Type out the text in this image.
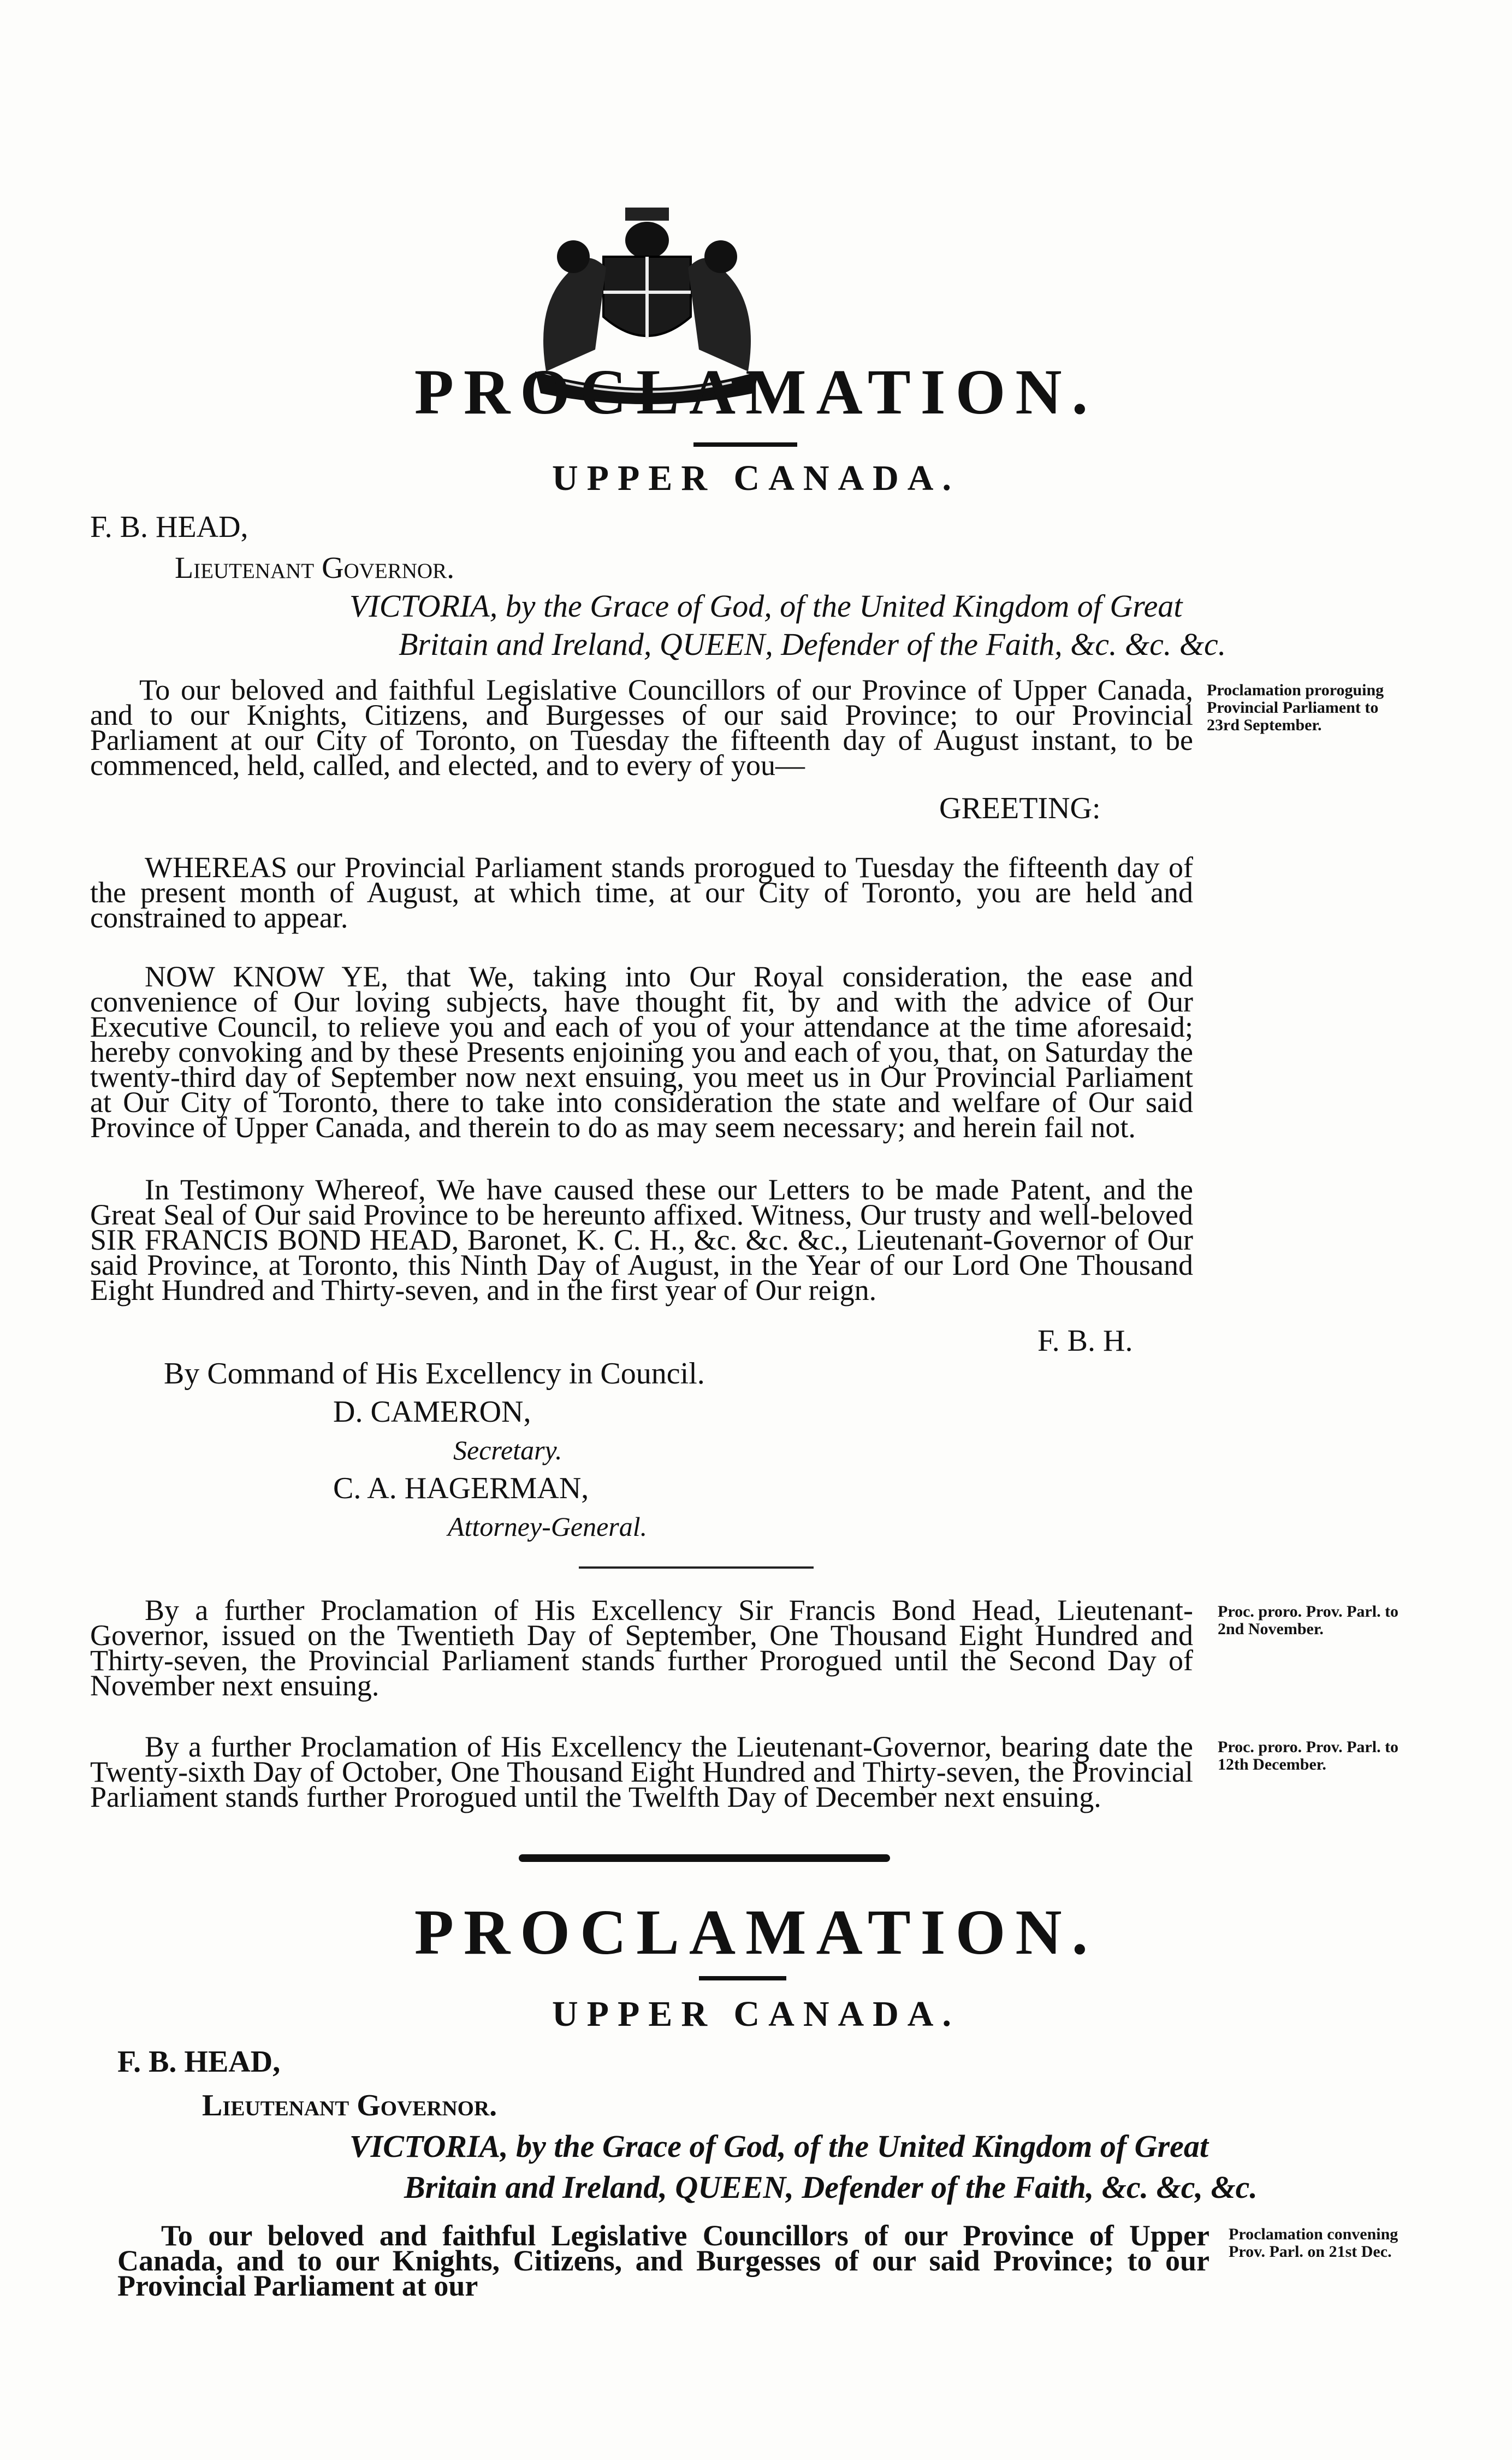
PROCLAMATION.
UPPER CANADA.
F. B. HEAD,
Lieutenant Governor.
VICTORIA, by the Grace of God, of the United Kingdom of Great
Britain and Ireland, QUEEN, Defender of the Faith, &c. &c. &c.

To our beloved and faithful Legislative Councillors of our Province of Upper Canada, and to our Knights, Citizens, and Burgesses of our said Province; to our Provincial Parliament at our City of Toronto, on Tuesday the fifteenth day of August instant, to be commenced, held, called, and elected, and to every of you—

GREETING:
Proclamation proroguing Provincial Parliament to 23rd September.

WHEREAS our Provincial Parliament stands prorogued to Tuesday the fifteenth day of the present month of August, at which time, at our City of Toronto, you are held and constrained to appear.

NOW KNOW YE, that We, taking into Our Royal consideration, the ease and convenience of Our loving subjects, have thought fit, by and with the advice of Our Executive Council, to relieve you and each of you of your attendance at the time aforesaid; hereby convoking and by these Presents enjoining you and each of you, that, on Saturday the twenty-third day of September now next ensuing, you meet us in Our Provincial Parliament at Our City of Toronto, there to take into consideration the state and welfare of Our said Province of Upper Canada, and therein to do as may seem necessary; and herein fail not.

In Testimony Whereof, We have caused these our Letters to be made Patent, and the Great Seal of Our said Province to be hereunto affixed. Witness, Our trusty and well-beloved SIR FRANCIS BOND HEAD, Baronet, K. C. H., &c. &c. &c., Lieutenant-Governor of Our said Province, at Toronto, this Ninth Day of August, in the Year of our Lord One Thousand Eight Hundred and Thirty-seven, and in the first year of Our reign.

F. B. H.
By Command of His Excellency in Council.
D. CAMERON,
Secretary.
C. A. HAGERMAN,
Attorney-General.

By a further Proclamation of His Excellency Sir Francis Bond Head, Lieutenant-Governor, issued on the Twentieth Day of September, One Thousand Eight Hundred and Thirty-seven, the Provincial Parliament stands further Prorogued until the Second Day of November next ensuing.

Proc. proro. Prov. Parl. to 2nd November.

By a further Proclamation of His Excellency the Lieutenant-Governor, bearing date the Twenty-sixth Day of October, One Thousand Eight Hundred and Thirty-seven, the Provincial Parliament stands further Prorogued until the Twelfth Day of December next ensuing.

Proc. proro. Prov. Parl. to 12th December.
PROCLAMATION.
UPPER CANADA.
F. B. HEAD,
Lieutenant Governor.
VICTORIA, by the Grace of God, of the United Kingdom of Great
Britain and Ireland, QUEEN, Defender of the Faith, &c. &c, &c.

To our beloved and faithful Legislative Councillors of our Province of Upper Canada, and to our Knights, Citizens, and Burgesses of our said Province; to our Provincial Parliament at our

Proclamation convening Prov. Parl. on 21st Dec.
